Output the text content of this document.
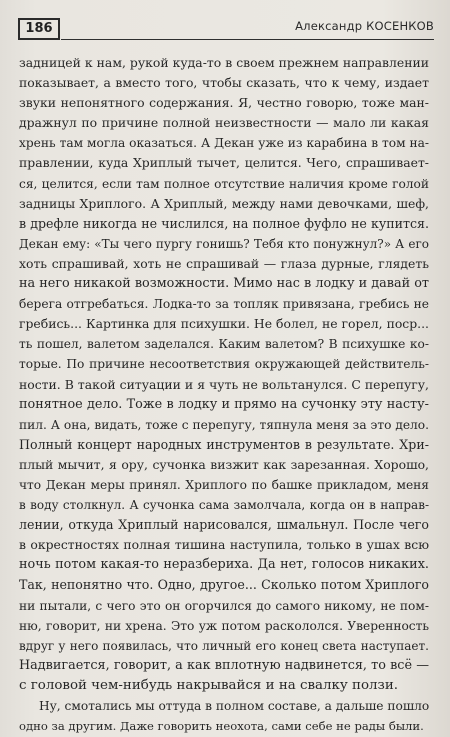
186	Александр КОСЕНКОВ
задницей к нам, рукой куда-то в своем прежнем направлении
показывает, а вместо того, чтобы сказать, что к чему, издает
звуки непонятного содержания. Я, честно говорю, тоже ман-
дражнул по причине полной неизвестности — мало ли какая
хрень там могла оказаться. А Декан уже из карабина в том на-
правлении, куда Хриплый тычет, целится. Чего, спрашивает-
ся, целится, если там полное отсутствие наличия кроме голой
задницы Хриплого. А Хриплый, между нами девочками, шеф,
в дрефле никогда не числился, на полное фуфло не купится.
Декан ему: «Ты чего пургу гонишь? Тебя кто понужнул?» А его
хоть спрашивай, хоть не спрашивай — глаза дурные, глядеть
на него никакой возможности. Мимо нас в лодку и давай от
берега отгребаться. Лодка-то за топляк привязана, гребись не
гребись... Картинка для психушки. Не болел, не горел, поср...
ть пошел, валетом заделался. Каким валетом? В психушке ко-
торые. По причине несоответствия окружающей действитель-
ности. В такой ситуации и я чуть не вольтанулся. С перепугу,
понятное дело. Тоже в лодку и прямо на сучонку эту насту-
пил. А она, видать, тоже с перепугу, тяпнула меня за это дело.
Полный концерт народных инструментов в результате. Хри-
плый мычит, я ору, сучонка визжит как зарезанная. Хорошо,
что Декан меры принял. Хриплого по башке прикладом, меня
в воду столкнул. А сучонка сама замолчала, когда он в направ-
лении, откуда Хриплый нарисовался, шмальнул. После чего
в окрестностях полная тишина наступила, только в ушах всю
ночь потом какая-то неразбериха. Да нет, голосов никаких.
Так, непонятно что. Одно, другое... Сколько потом Хриплого
ни пытали, с чего это он огорчился до самого никому, не пом-
ню, говорит, ни хрена. Это уж потом раскололся. Уверенность
вдруг у него появилась, что личный его конец света наступает.
Надвигается, говорит, а как вплотную надвинется, то всё —
с головой чем-нибудь накрывайся и на свалку ползи.
Ну, смотались мы оттуда в полном составе, а дальше пошло
одно за другим. Даже говорить неохота, сами себе не рады были.
